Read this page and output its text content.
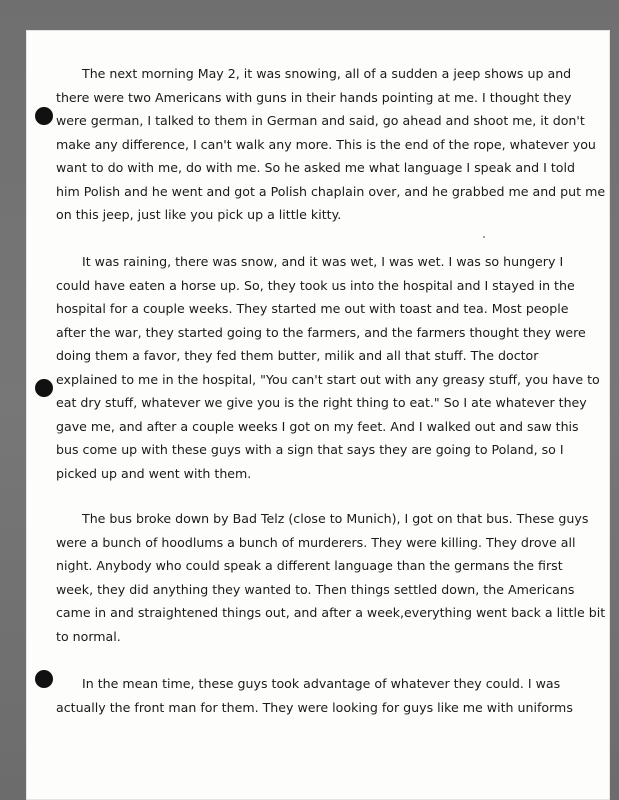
The next morning May 2, it was snowing, all of a sudden a jeep shows up and
there were two Americans with guns in their hands pointing at me. I thought they
were german, I talked to them in German and said, go ahead and shoot me, it don't
make any difference, I can't walk any more. This is the end of the rope, whatever you
want to do with me, do with me. So he asked me what language I speak and I told
him Polish and he went and got a Polish chaplain over, and he grabbed me and put me
on this jeep, just like you pick up a little kitty.
It was raining, there was snow, and it was wet, I was wet. I was so hungery I
could have eaten a horse up. So, they took us into the hospital and I stayed in the
hospital for a couple weeks. They started me out with toast and tea. Most people
after the war, they started going to the farmers, and the farmers thought they were
doing them a favor, they fed them butter, milik and all that stuff. The doctor
explained to me in the hospital, "You can't start out with any greasy stuff, you have to
eat dry stuff, whatever we give you is the right thing to eat." So I ate whatever they
gave me, and after a couple weeks I got on my feet. And I walked out and saw this
bus come up with these guys with a sign that says they are going to Poland, so I
picked up and went with them.
The bus broke down by Bad Telz (close to Munich), I got on that bus. These guys
were a bunch of hoodlums a bunch of murderers. They were killing. They drove all
night. Anybody who could speak a different language than the germans the first
week, they did anything they wanted to. Then things settled down, the Americans
came in and straightened things out, and after a week,everything went back a little bit
to normal.
In the mean time, these guys took advantage of whatever they could. I was
actually the front man for them. They were looking for guys like me with uniforms
